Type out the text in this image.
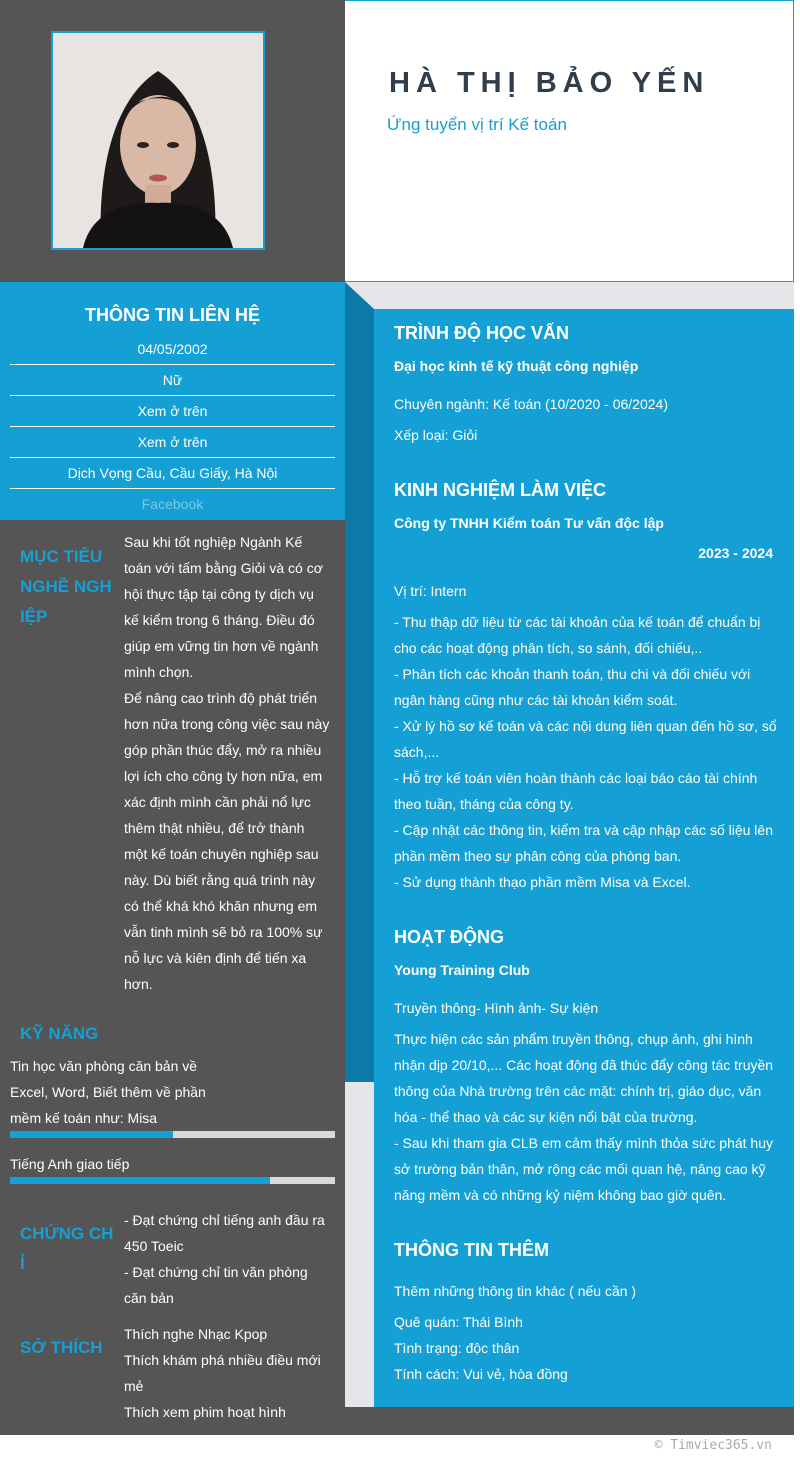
HÀ THỊ BẢO YẾN
Ứng tuyển vị trí Kế toán
THÔNG TIN LIÊN HỆ
04/05/2002
Nữ
Xem ở trên
Xem ở trên
Dịch Vọng Cầu, Cầu Giấy, Hà Nội
Facebook
MỤC TIÊU
NGHỀ NGH
IỆP
Sau khi tốt nghiệp Ngành Kế
toán với tấm bằng Giỏi và có cơ
hội thực tập tại công ty dịch vụ
kế kiểm trong 6 tháng. Điều đó
giúp em vững tin hơn về ngành
mình chọn.
Để nâng cao trình độ phát triển
hơn nữa trong công việc sau này
góp phần thúc đẩy, mở ra nhiều
lợi ích cho công ty hơn nữa, em
xác định mình cần phải nổ lực
thêm thật nhiều, để trở thành
một kế toán chuyên nghiệp sau
này. Dù biết rằng quá trình này
có thể khá khó khăn nhưng em
vẫn tinh mình sẽ bỏ ra 100% sự
nỗ lực và kiên định để tiến xa
hơn.
KỸ NĂNG
Tin học văn phòng căn bản về
Excel, Word, Biết thêm về phần
mềm kế toán như: Misa
Tiếng Anh giao tiếp
CHỨNG CH
Ỉ
- Đạt chứng chỉ tiếng anh đầu ra
450 Toeic
- Đạt chứng chỉ tin văn phòng
căn bản
SỞ THÍCH
Thích nghe Nhạc Kpop
Thích khám phá nhiều điều mới
mẻ
Thích xem phim hoạt hình
TRÌNH ĐỘ HỌC VẤN
Đại học kinh tế kỹ thuật công nghiệp
Chuyên ngành: Kế toán (10/2020 - 06/2024)
Xếp loại: Giỏi
KINH NGHIỆM LÀM VIỆC
Công ty TNHH Kiểm toán Tư vấn độc lập
2023 - 2024
Vị trí: Intern
- Thu thập dữ liệu từ các tài khoản của kế toán để chuẩn bị
cho các hoạt động phân tích, so sánh, đối chiếu,..
- Phân tích các khoản thanh toán, thu chi và đối chiếu với
ngân hàng cũng như các tài khoản kiểm soát.
- Xử lý hồ sơ kế toán và các nội dung liên quan đến hồ sơ, sổ
sách,...
- Hỗ trợ kế toán viên hoàn thành các loại báo cáo tài chính
theo tuần, tháng của công ty.
- Cập nhật các thông tin, kiểm tra và cập nhập các số liệu lên
phần mềm theo sự phân công của phòng ban.
- Sử dụng thành thạo phần mềm Misa và Excel.
HOẠT ĐỘNG
Young Training Club
Truyền thông- Hình ảnh- Sự kiện
Thực hiện các sản phẩm truyền thông, chụp ảnh, ghi hình
nhận dịp 20/10,... Các hoạt động đã thúc đẩy công tác truyền
thông của Nhà trường trên các mặt: chính trị, giáo dục, văn
hóa - thể thao và các sự kiện nổi bật của trường.
- Sau khi tham gia CLB em cảm thấy mình thỏa sức phát huy
sở trường bản thân, mở rộng các mối quan hệ, nâng cao kỹ
năng mềm và có những kỷ niệm không bao giờ quên.
THÔNG TIN THÊM
Thêm những thông tin khác ( nếu cần )
Quê quán: Thái Bình
Tình trạng: độc thân
Tính cách: Vui vẻ, hòa đồng
© Timviec365.vn
